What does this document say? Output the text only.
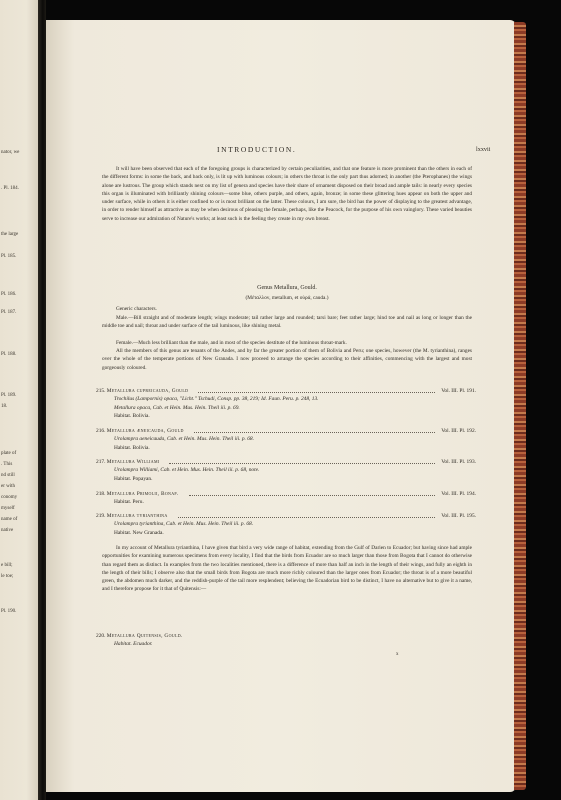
nator, we
. Pl. 184.
the large
Pl. 185.
Pl. 186.
Pl. 187.
Pl. 188.
Pl. 189.
18.
plate of
. This
nd still
er with
conomy
myself
name of
native
e bill;
le toe;
Pl. 190.
INTRODUCTION.	lxxvii
It will have been observed that each of the foregoing groups is characterized by certain peculiarities, and that one feature is more prominent than the others in each of the different forms: in some the back, and back only, is lit up with luminous colours; in others the throat is the only part thus adorned; in another (the Pterophanes) the wings alone are lustrous. The group which stands next on my list of genera and species have their share of ornament disposed on their broad and ample tails: in nearly every species this organ is illuminated with brilliantly shining colours—some blue, others purple, and others, again, bronze; in some these glittering hues appear on both the upper and under surface, while in others it is either confined to or is most brilliant on the latter. These colours, I am sure, the bird has the power of displaying to the greatest advantage, in order to render himself as attractive as may be when desirous of pleasing the female, perhaps, like the Peacock, for the purpose of his own vainglory. These varied beauties serve to increase our admiration of Nature's works; at least such is the feeling they create in my own breast.
Genus Metallura, Gould.
(Μέταλλον, metallum, et οὐρά, cauda.)
Generic characters.
Male.—Bill straight and of moderate length; wings moderate; tail rather large and rounded; tarsi bare; feet rather large; hind toe and nail as long or longer than the middle toe and nail; throat and under surface of the tail luminous, like shining metal.
Female.—Much less brilliant than the male, and in most of the species destitute of the luminous throat-mark.
All the members of this genus are tenants of the Andes, and by far the greater portion of them of Bolivia and Peru; one species, however (the M. tyrianthina), ranges over the whole of the temperate portions of New Granada. I now proceed to arrange the species according to their affinities, commencing with the largest and most gorgeously coloured.
215. Metallura cupreicauda, Gould	Vol. III. Pl. 191.
Trochilus (Lampornis) opaca, "Licht." Tschudi, Consp. pp. 38, 219; Id. Faun. Peru. p. 248, 13.
Metallura opaca, Cab. et Hein. Mus. Hein. Theil iii. p. 69.
Habitat. Bolivia.
216. Metallura æneicauda, Gould	Vol. III. Pl. 192.
Urolampra aeneicauda, Cab. et Hein. Mus. Hein. Theil iii. p. 68.
Habitat. Bolivia.
217. Metallura Williami	Vol. III. Pl. 193.
Urolampra Williami, Cab. et Hein. Mus. Hein. Theil iii. p. 68, note.
Habitat. Popayan.
218. Metallura Primolii, Bonap.	Vol. III. Pl. 194.
Habitat. Peru.
219. Metallura tyrianthina	Vol. III. Pl. 195.
Urolampra tyrianthina, Cab. et Hein. Mus. Hein. Theil iii. p. 68.
Habitat. New Granada.
In my account of Metallura tyrianthina, I have given that bird a very wide range of habitat, extending from the Gulf of Darien to Ecuador; but having since had ample opportunities for examining numerous specimens from every locality, I find that the birds from Ecuador are so much larger than those from Bogota that I cannot do otherwise than regard them as distinct. In examples from the two localities mentioned, there is a difference of more than half an inch in the length of their wings, and fully an eighth in the length of their bills; I observe also that the small birds from Bogota are much more richly coloured than the larger ones from Ecuador; the throat is of a more beautiful green, the abdomen much darker, and the reddish-purple of the tail more resplendent; believing the Ecuadorian bird to be distinct, I have no alternative but to give it a name, and I therefore propose for it that of Quitensis:—
220. Metallura Quitensis, Gould.
Habitat. Ecuador.
x
